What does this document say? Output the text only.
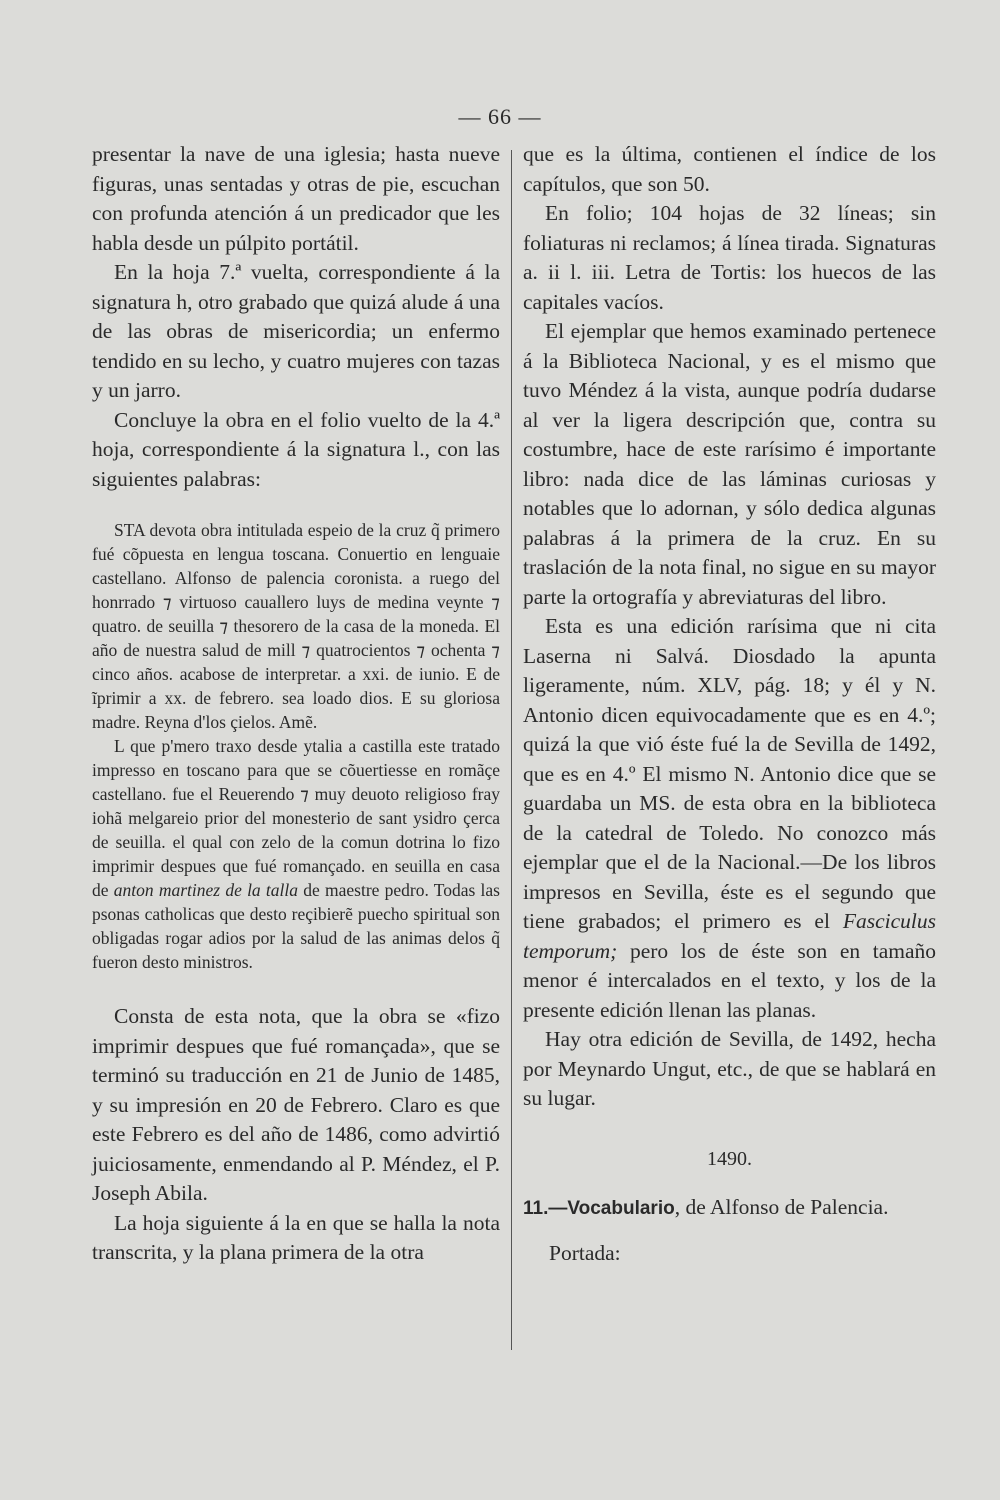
— 66 —

presentar la nave de una iglesia; hasta nueve figuras, unas sentadas y otras de pie, escuchan con profunda atención á un predicador que les habla desde un púlpito portátil.

En la hoja 7.ª vuelta, correspondiente á la signatura h, otro grabado que quizá alude á una de las obras de misericordia; un enfermo tendido en su lecho, y cuatro mujeres con tazas y un jarro.

Concluye la obra en el folio vuelto de la 4.ª hoja, correspondiente á la signatura l., con las siguientes palabras:

STA devota obra intitulada espeio de la cruz q̃ primero fué cõpuesta en lengua toscana. Conuertio en lenguaie castellano. Alfonso de palencia coronista. a ruego del honrrado ⁊ virtuoso cauallero luys de medina veynte ⁊ quatro. de seuilla ⁊ thesorero de la casa de la moneda. El año de nuestra salud de mill ⁊ quatrocientos ⁊ ochenta ⁊ cinco años. acabose de interpretar. a xxi. de iunio. E de ĩprimir a xx. de febrero. sea loado dios. E su gloriosa madre. Reyna d'los çielos. Amẽ.

L que p'mero traxo desde ytalia a castilla este tratado impresso en toscano para que se cõuertiesse en romãçe castellano. fue el Reuerendo ⁊ muy deuoto religioso fray iohã melgareio prior del monesterio de sant ysidro çerca de seuilla. el qual con zelo de la comun dotrina lo fizo imprimir despues que fué romançado. en seuilla en casa de anton martinez de la talla de maestre pedro. Todas las psonas catholicas que desto reçibierẽ puecho spiritual son obligadas rogar adios por la salud de las animas delos q̃ fueron desto ministros.

Consta de esta nota, que la obra se «fizo imprimir despues que fué romançada», que se terminó su traducción en 21 de Junio de 1485, y su impresión en 20 de Febrero. Claro es que este Febrero es del año de 1486, como advirtió juiciosamente, enmendando al P. Méndez, el P. Joseph Abila.

La hoja siguiente á la en que se halla la nota transcrita, y la plana primera de la otra

que es la última, contienen el índice de los capítulos, que son 50.

En folio; 104 hojas de 32 líneas; sin foliaturas ni reclamos; á línea tirada. Signaturas a. ii l. iii. Letra de Tortis: los huecos de las capitales vacíos.

El ejemplar que hemos examinado pertenece á la Biblioteca Nacional, y es el mismo que tuvo Méndez á la vista, aunque podría dudarse al ver la ligera descripción que, contra su costumbre, hace de este rarísimo é importante libro: nada dice de las láminas curiosas y notables que lo adornan, y sólo dedica algunas palabras á la primera de la cruz. En su traslación de la nota final, no sigue en su mayor parte la ortografía y abreviaturas del libro.

Esta es una edición rarísima que ni cita Laserna ni Salvá. Diosdado la apunta ligeramente, núm. XLV, pág. 18; y él y N. Antonio dicen equivocadamente que es en 4.º; quizá la que vió éste fué la de Sevilla de 1492, que es en 4.º El mismo N. Antonio dice que se guardaba un MS. de esta obra en la biblioteca de la catedral de Toledo. No conozco más ejemplar que el de la Nacional.—De los libros impresos en Sevilla, éste es el segundo que tiene grabados; el primero es el Fasciculus temporum; pero los de éste son en tamaño menor é intercalados en el texto, y los de la presente edición llenan las planas.

Hay otra edición de Sevilla, de 1492, hecha por Meynardo Ungut, etc., de que se hablará en su lugar.

1490.

11.—Vocabulario, de Alfonso de Palencia.

Portada:
